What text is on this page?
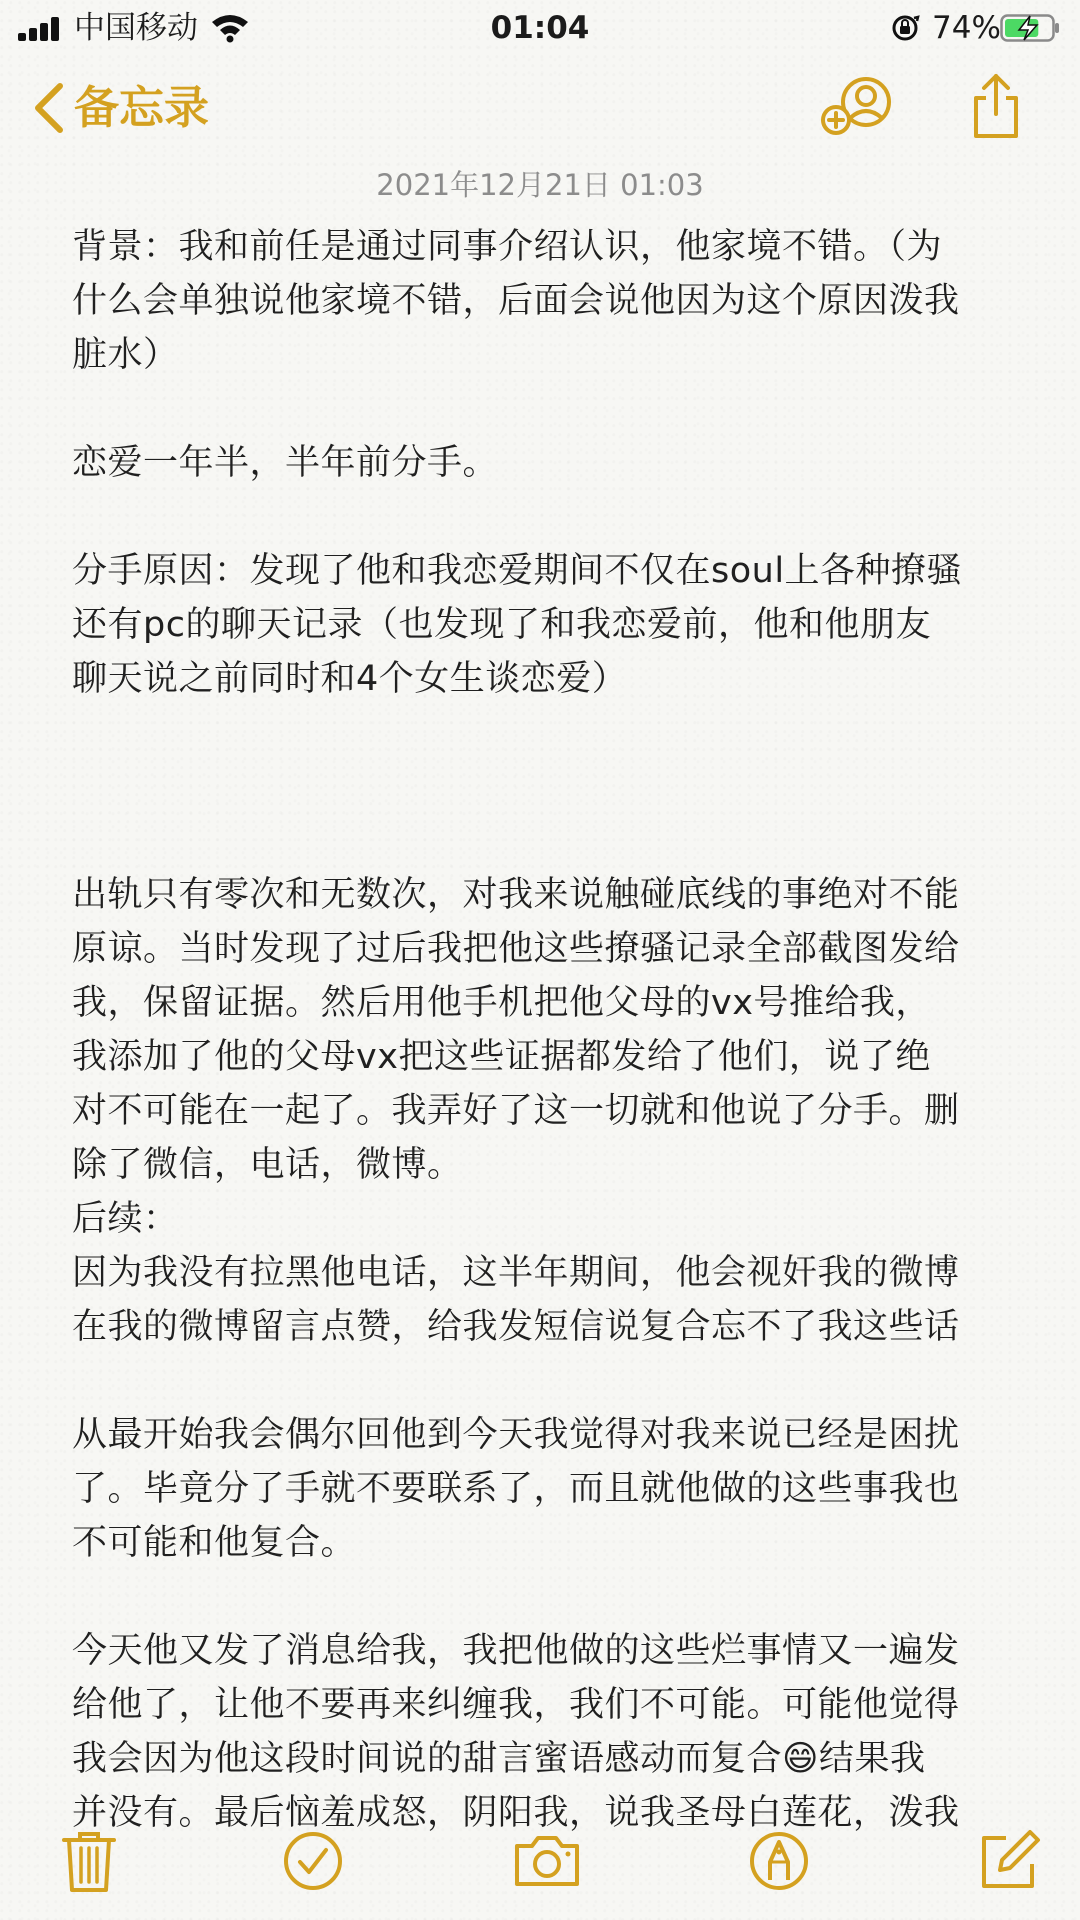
中国移动	01:04	74%
备忘录
2021年12月21日 01:03
背景：我和前任是通过同事介绍认识，他家境不错。（为
什么会单独说他家境不错，后面会说他因为这个原因泼我
脏水）

恋爱一年半，半年前分手。

分手原因：发现了他和我恋爱期间不仅在soul上各种撩骚
还有pc的聊天记录（也发现了和我恋爱前，他和他朋友
聊天说之前同时和4个女生谈恋爱）

出轨只有零次和无数次，对我来说触碰底线的事绝对不能
原谅。当时发现了过后我把他这些撩骚记录全部截图发给
我，保留证据。然后用他手机把他父母的vx号推给我，
我添加了他的父母vx把这些证据都发给了他们，说了绝
对不可能在一起了。我弄好了这一切就和他说了分手。删
除了微信，电话，微博。
后续：
因为我没有拉黑他电话，这半年期间，他会视奸我的微博
在我的微博留言点赞，给我发短信说复合忘不了我这些话

从最开始我会偶尔回他到今天我觉得对我来说已经是困扰
了。毕竟分了手就不要联系了，而且就他做的这些事我也
不可能和他复合。

今天他又发了消息给我，我把他做的这些烂事情又一遍发
给他了，让他不要再来纠缠我，我们不可能。可能他觉得
我会因为他这段时间说的甜言蜜语感动而复合😄结果我
并没有。最后恼羞成怒，阴阳我，说我圣母白莲花，泼我
